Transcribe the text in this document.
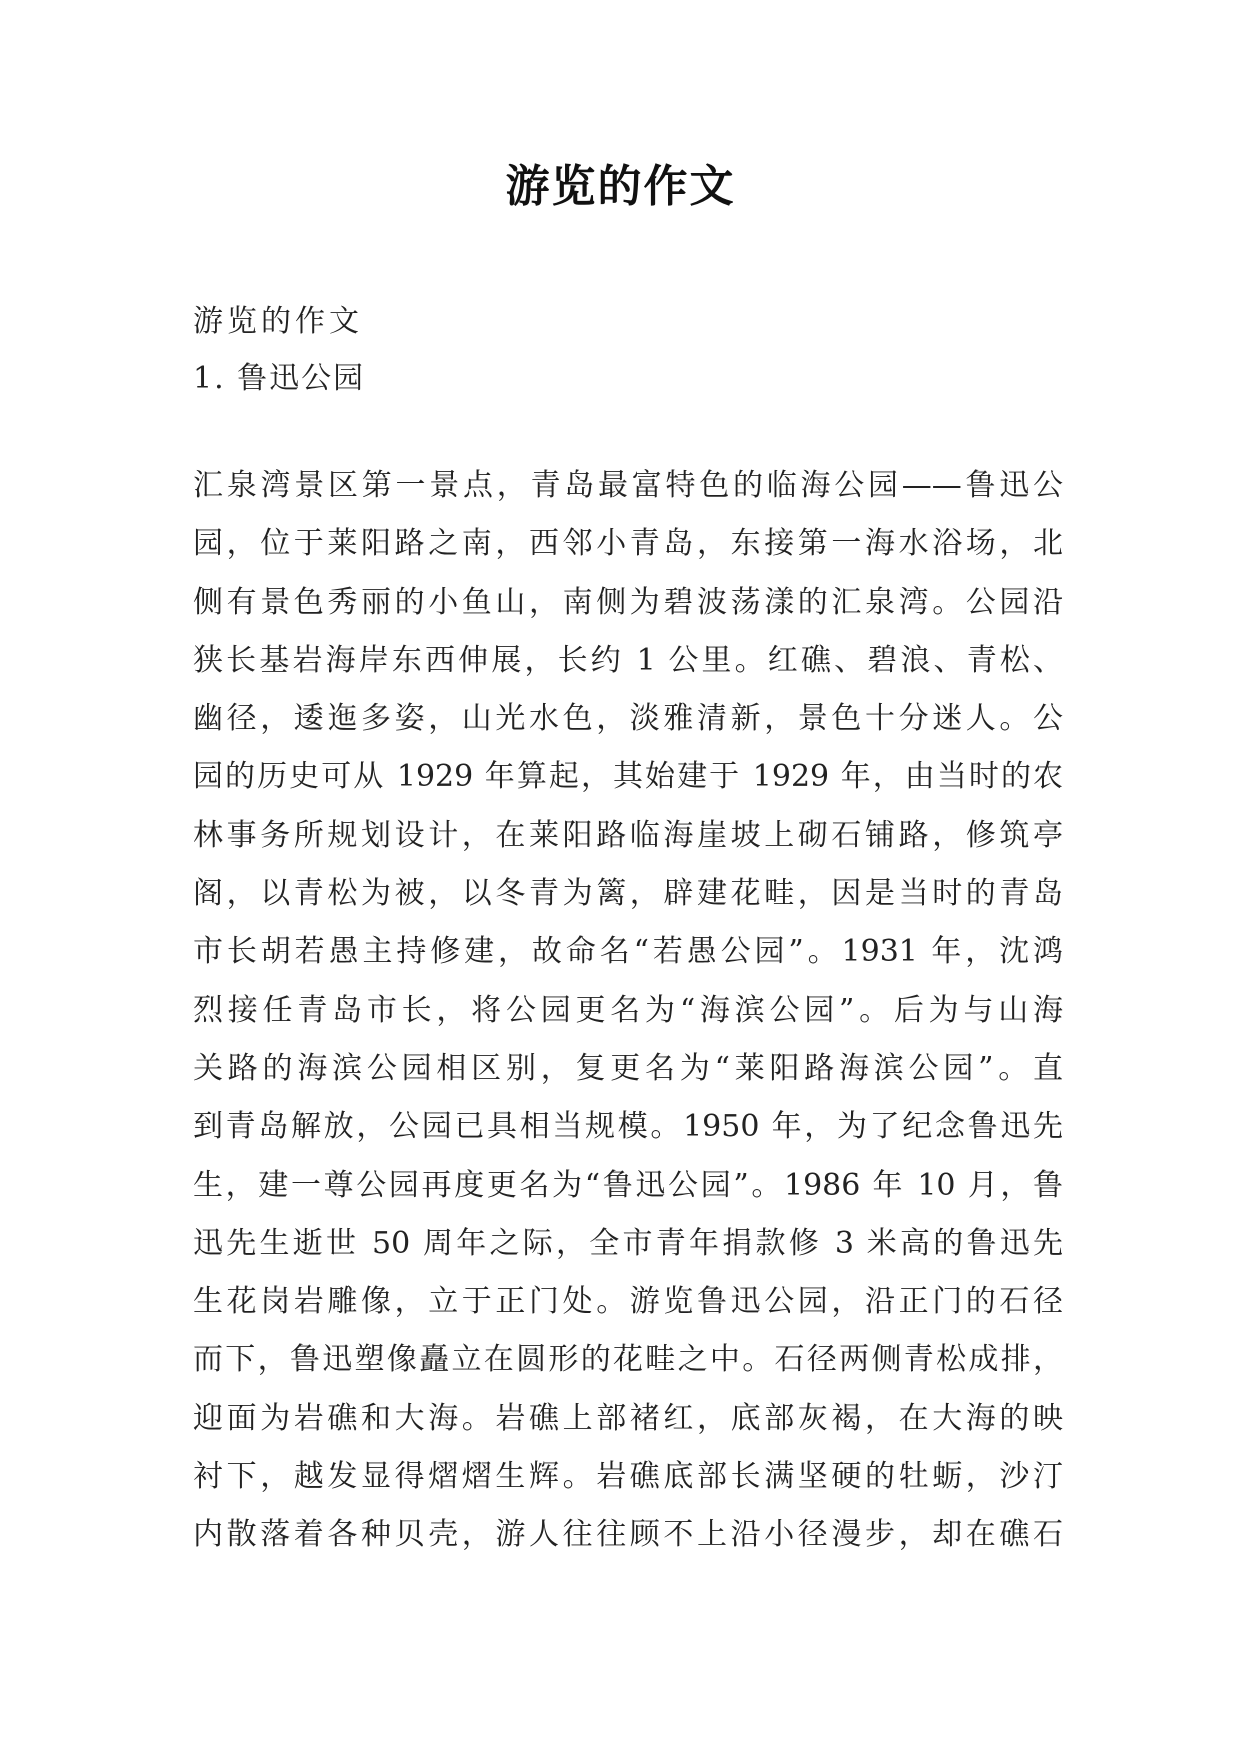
游览的作文
游览的作文
1. 鲁迅公园
汇泉湾景区第一景点，青岛最富特色的临海公园——鲁迅公
园，位于莱阳路之南，西邻小青岛，东接第一海水浴场，北
侧有景色秀丽的小鱼山，南侧为碧波荡漾的汇泉湾。公园沿
狭长基岩海岸东西伸展，长约 1 公里。红礁、碧浪、青松、
幽径，逶迤多姿，山光水色，淡雅清新，景色十分迷人。公
园的历史可从 1929 年算起，其始建于 1929 年，由当时的农
林事务所规划设计，在莱阳路临海崖坡上砌石铺路，修筑亭
阁，以青松为被，以冬青为篱，辟建花畦，因是当时的青岛
市长胡若愚主持修建，故命名“若愚公园”。1931 年，沈鸿
烈接任青岛市长，将公园更名为“海滨公园”。后为与山海
关路的海滨公园相区别，复更名为“莱阳路海滨公园”。直
到青岛解放，公园已具相当规模。1950 年，为了纪念鲁迅先
生，建一尊公园再度更名为“鲁迅公园”。1986 年 10 月，鲁
迅先生逝世 50 周年之际，全市青年捐款修 3 米高的鲁迅先
生花岗岩雕像，立于正门处。游览鲁迅公园，沿正门的石径
而下，鲁迅塑像矗立在圆形的花畦之中。石径两侧青松成排，
迎面为岩礁和大海。岩礁上部褚红，底部灰褐，在大海的映
衬下，越发显得熠熠生辉。岩礁底部长满坚硬的牡蛎，沙汀
内散落着各种贝壳，游人往往顾不上沿小径漫步，却在礁石
